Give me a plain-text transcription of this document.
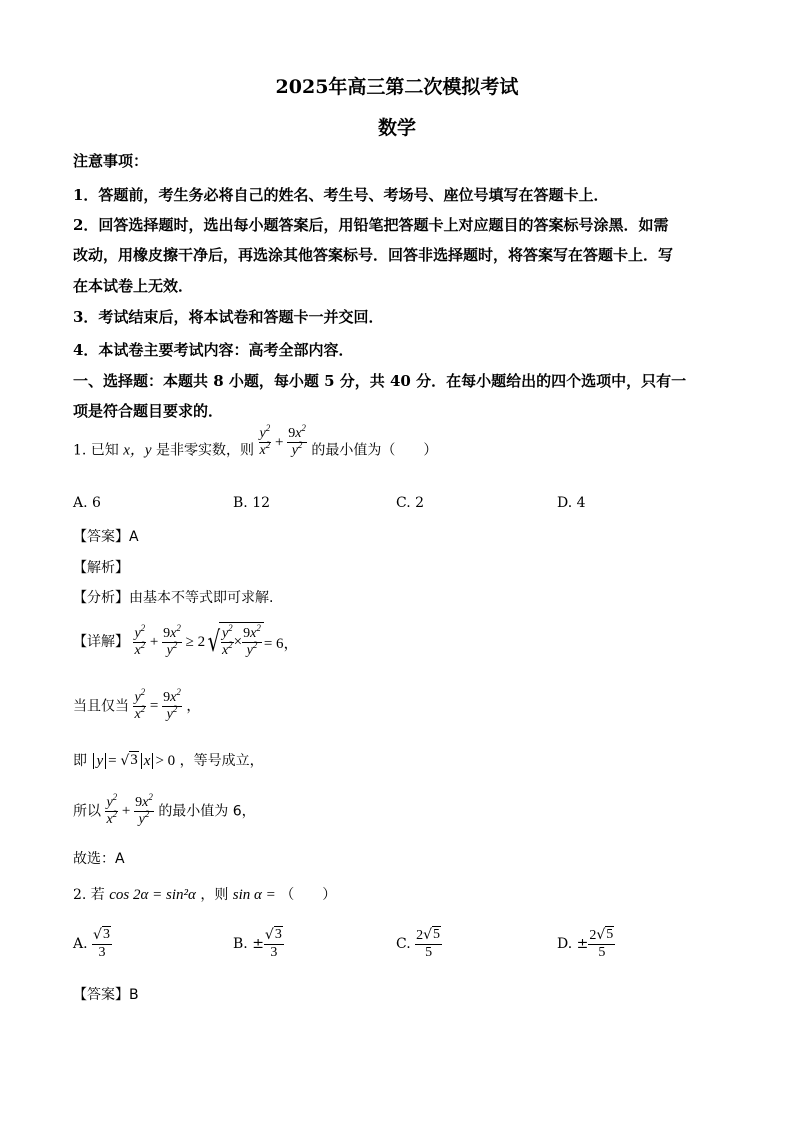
2025年高三第二次模拟考试
数学
注意事项：
1．答题前，考生务必将自己的姓名、考生号、考场号、座位号填写在答题卡上．
2．回答选择题时，选出每小题答案后，用铅笔把答题卡上对应题目的答案标号涂黑．如需
改动，用橡皮擦干净后，再选涂其他答案标号．回答非选择题时，将答案写在答题卡上．写
在本试卷上无效．
3．考试结束后，将本试卷和答题卡一并交回．
4．本试卷主要考试内容：高考全部内容．
一、选择题：本题共 8 小题，每小题 5 分，共 40 分．在每小题给出的四个选项中，只有一
项是符合题目要求的．
1. 已知 x，y 是非零实数，则 $\frac{y^2}{x^2} + \frac{9x^2}{y^2}$ 的最小值为（　　）
A. 6	B. 12	C. 2	D. 4
【答案】A
【解析】
【分析】由基本不等式即可求解.
【详解】 $\frac{y^2}{x^2} + \frac{9x^2}{y^2} \ge 2$ √ $\frac{y^2}{x^2} \times \frac{9x^2}{y^2} = 6$，
当且仅当 $\frac{y^2}{x^2} = \frac{9x^2}{y^2}$ ，
即 y = √ 3 x > 0 ，等号成立，
所以 $\frac{y^2}{x^2} + \frac{9x^2}{y^2}$ 的最小值为 6，
故选：A
2. 若 cos 2α = sin²α ，则 sin α = （　　）
A.
$\frac{√ 3}{3}$	B. ± $\frac{√ 3}{3}$	C.
$\frac{2 √ 5}{5}$	D. ± $\frac{2 √ 5}{5}$
【答案】B
